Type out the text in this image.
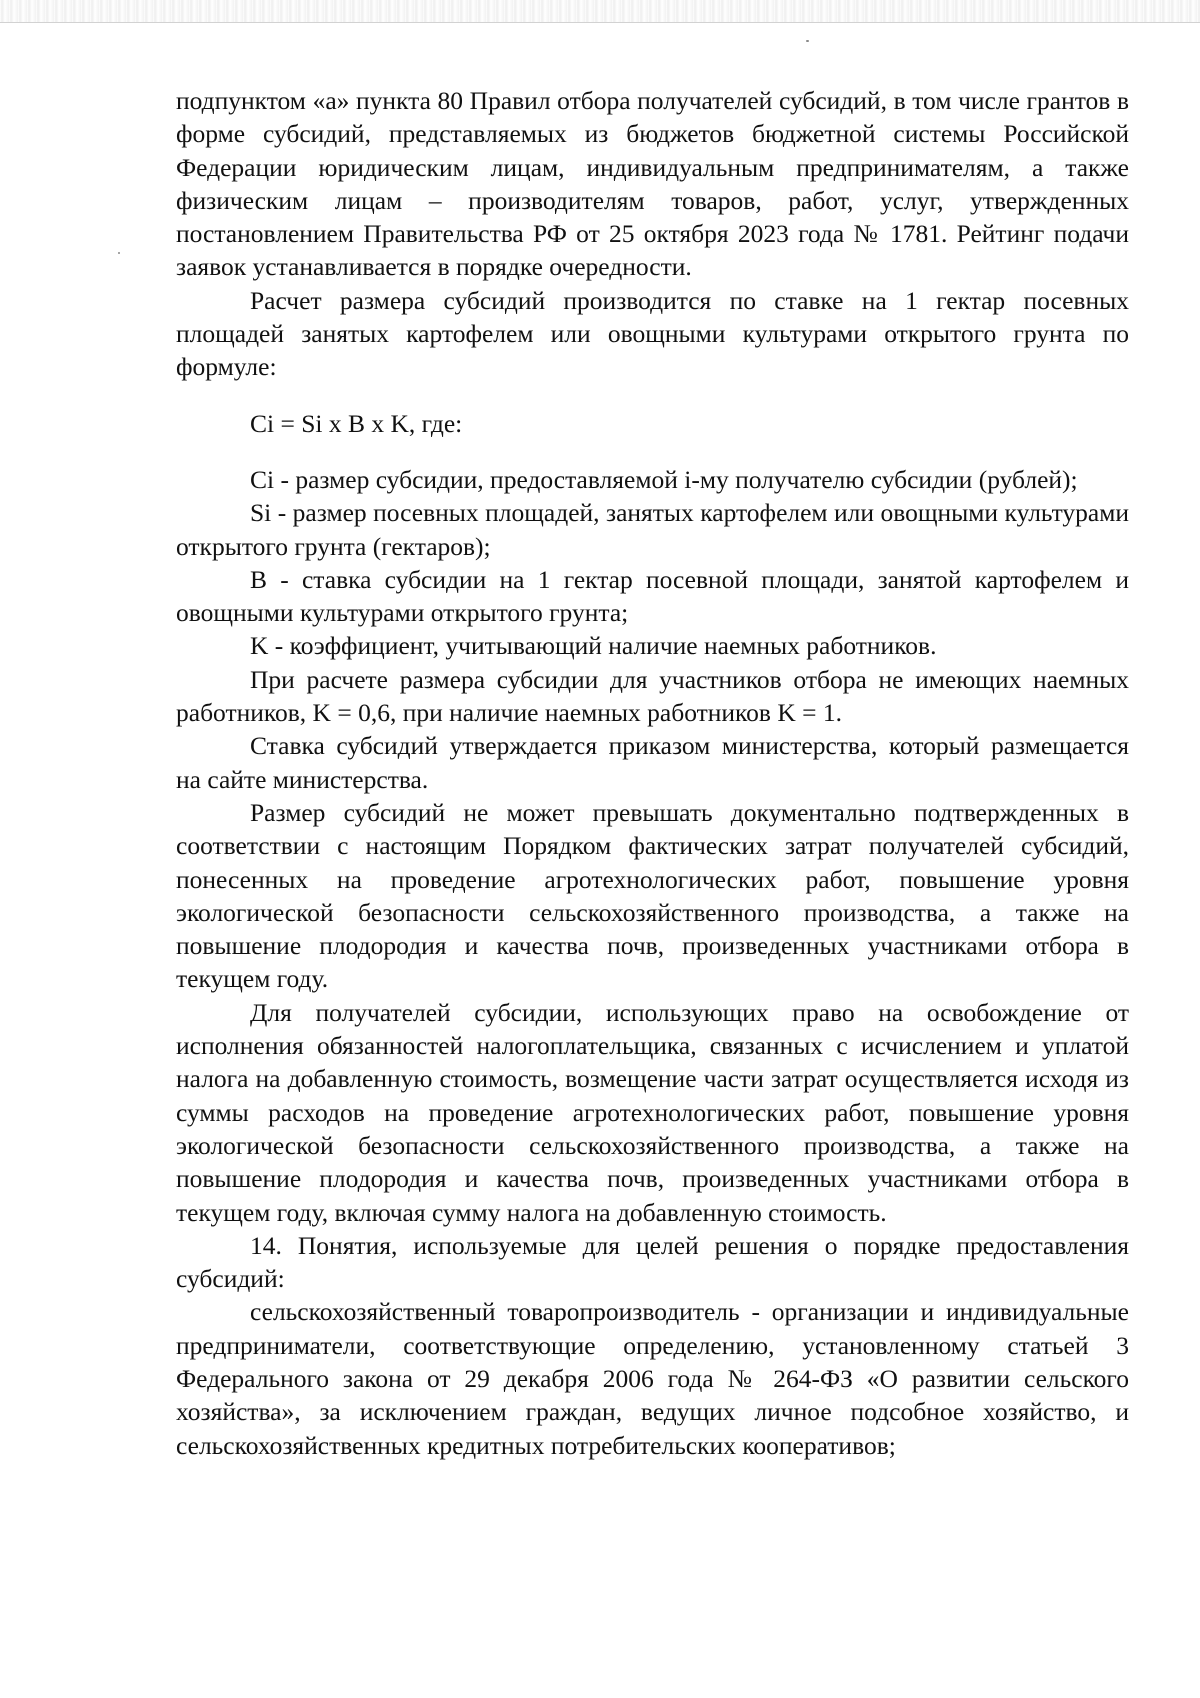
подпунктом «а» пункта 80 Правил отбора получателей субсидий, в том числе грантов в форме субсидий, представляемых из бюджетов бюджетной системы Российской Федерации юридическим лицам, индивидуальным предпринимателям, а также физическим лицам – производителям товаров, работ, услуг, утвержденных постановлением Правительства РФ от 25 октября 2023 года № 1781. Рейтинг подачи заявок устанавливается в порядке очередности.

Расчет размера субсидий производится по ставке на 1 гектар посевных площадей занятых картофелем или овощными культурами открытого грунта по формуле:

Ci = Si x B x K, где:

Ci - размер субсидии, предоставляемой i-му получателю субсидии (рублей);

Si - размер посевных площадей, занятых картофелем или овощными культурами открытого грунта (гектаров);

B - ставка субсидии на 1 гектар посевной площади, занятой картофелем и овощными культурами открытого грунта;

K - коэффициент, учитывающий наличие наемных работников.

При расчете размера субсидии для участников отбора не имеющих наемных работников, K = 0,6, при наличие наемных работников K = 1.

Ставка субсидий утверждается приказом министерства, который размещается на сайте министерства.

Размер субсидий не может превышать документально подтвержденных в соответствии с настоящим Порядком фактических затрат получателей субсидий, понесенных на проведение агротехнологических работ, повышение уровня экологической безопасности сельскохозяйственного производства, а также на повышение плодородия и качества почв, произведенных участниками отбора в текущем году.

Для получателей субсидии, использующих право на освобождение от исполнения обязанностей налогоплательщика, связанных с исчислением и уплатой налога на добавленную стоимость, возмещение части затрат осуществляется исходя из суммы расходов на проведение агротехнологических работ, повышение уровня экологической безопасности сельскохозяйственного производства, а также на повышение плодородия и качества почв, произведенных участниками отбора в текущем году, включая сумму налога на добавленную стоимость.

14. Понятия, используемые для целей решения о порядке предоставления субсидий:

сельскохозяйственный товаропроизводитель - организации и индивидуальные предприниматели, соответствующие определению, установленному статьей 3 Федерального закона от 29 декабря 2006 года № 264-ФЗ «О развитии сельского хозяйства», за исключением граждан, ведущих личное подсобное хозяйство, и сельскохозяйственных кредитных потребительских кооперативов;
